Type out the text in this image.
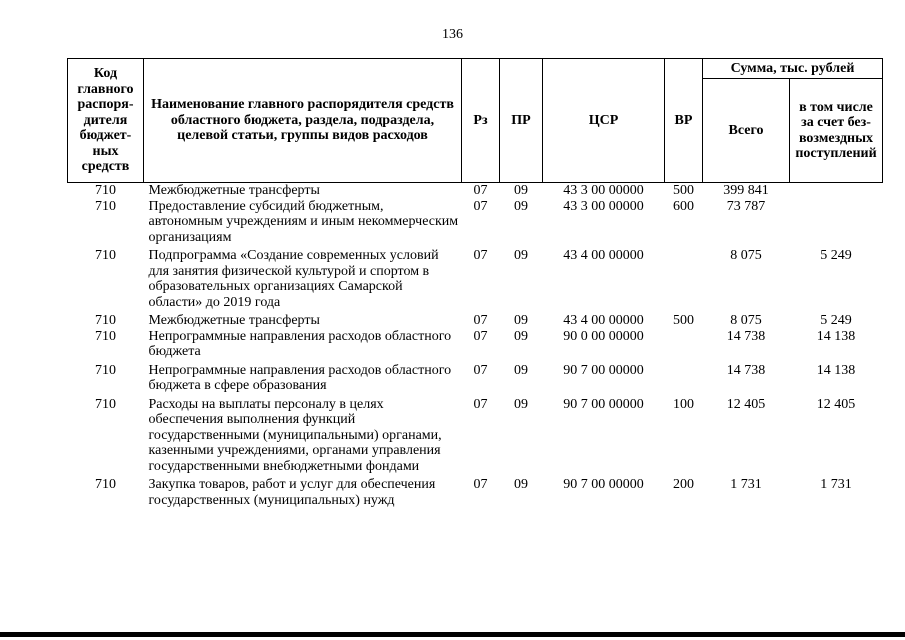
136
Код главного распоря-дителя бюджет-ных средств	Наименование главного распорядителя средств областного бюджета, раздела, подраздела, целевой статьи, группы видов расходов	Рз	ПР	ЦСР	ВР	Сумма, тыс. рублей	
						Всего	в том числе за счет без-возмездных поступлений
710	Межбюджетные трансферты	07	09	43 3 00 00000	500	399 841	
710	Предоставление субсидий бюджетным, автономным учреждениям и иным некоммерческим организациям	07	09	43 3 00 00000	600	73 787	
710	Подпрограмма «Создание современных условий для занятия физической культурой и спортом в образовательных организациях Самарской области» до 2019 года	07	09	43 4 00 00000		8 075	5 249
710	Межбюджетные трансферты	07	09	43 4 00 00000	500	8 075	5 249
710	Непрограммные направления расходов областного бюджета	07	09	90 0 00 00000		14 738	14 138
710	Непрограммные направления расходов областного бюджета в сфере образования	07	09	90 7 00 00000		14 738	14 138
710	Расходы на выплаты персоналу в целях обеспечения выполнения функций государственными (муниципальными) органами, казенными учреждениями, органами управления государственными внебюджетными фондами	07	09	90 7 00 00000	100	12 405	12 405
710	Закупка товаров, работ и услуг для обеспечения государственных (муниципальных) нужд	07	09	90 7 00 00000	200	1 731	1 731
